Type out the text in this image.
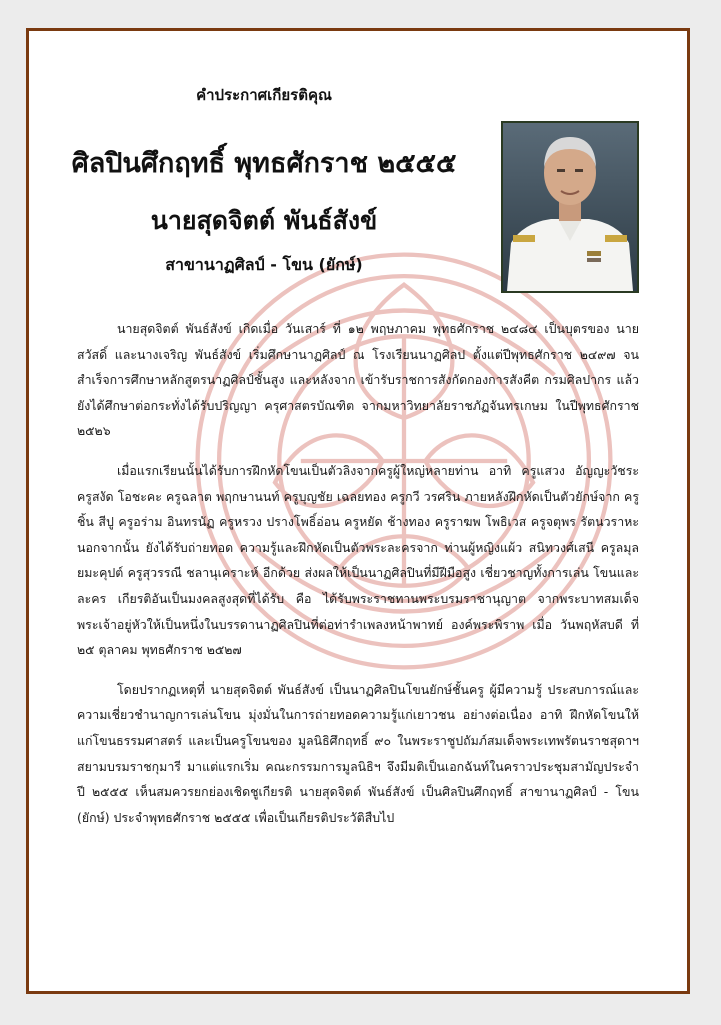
คำประกาศเกียรติคุณ
ศิลปินศึกฤทธิ์ พุทธศักราช ๒๕๕๕
นายสุดจิตต์ พันธ์สังข์
สาขานาฏศิลป์ - โขน (ยักษ์)

นายสุดจิตต์ พันธ์สังข์ เกิดเมื่อ วันเสาร์ ที่ ๑๒ พฤษภาคม พุทธศักราช ๒๔๘๔ เป็นบุตรของ นายสวัสดิ์ และนางเจริญ พันธ์สังข์ เริ่มศึกษานาฏศิลป์ ณ โรงเรียนนาฏศิลป ตั้งแต่ปีพุทธศักราช ๒๔๙๗ จนสำเร็จการศึกษาหลักสูตรนาฏศิลป์ชั้นสูง และหลังจาก เข้ารับราชการสังกัดกองการสังคีต กรมศิลปากร แล้ว ยังได้ศึกษาต่อกระทั่งได้รับปริญญา ครุศาสตรบัณฑิต จากมหาวิทยาลัยราชภัฏจันทรเกษม ในปีพุทธศักราช ๒๕๒๖

เมื่อแรกเรียนนั้นได้รับการฝึกหัดโขนเป็นตัวลิงจากครูผู้ใหญ่หลายท่าน อาทิ ครูแสวง อัญญะวัชระ ครูสงัด โอชะคะ ครูฉลาต พฤกษานนท์ ครูบุญชัย เฉลยทอง ครูกวี วรศริน ภายหลังฝึกหัดเป็นตัวยักษ์จาก ครูชิ้น สีปู ครูอร่าม อินทรนัฏ ครูหรวง ปรางโพธิ์อ่อน ครูหยัด ช้างทอง ครูราฆพ โพธิเวส ครูจตุพร รัตนวราหะ นอกจากนั้น ยังได้รับถ่ายทอด ความรู้และฝึกหัดเป็นตัวพระละครจาก ท่านผู้หญิงแผ้ว สนิทวงศ์เสนี ครูลมุล ยมะคุปต์ ครูสุวรรณี ชลานุเคราะห์ อีกด้วย ส่งผลให้เป็นนาฏศิลปินที่มีฝีมือสูง เชี่ยวชาญทั้งการเล่น โขนและละคร เกียรติอันเป็นมงคลสูงสุดที่ได้รับ คือ ได้รับพระราชทานพระบรมราชานุญาต จากพระบาทสมเด็จพระเจ้าอยู่หัวให้เป็นหนึ่งในบรรดานาฏศิลปินที่ต่อท่ารำเพลงหน้าพาทย์ องค์พระพิราพ เมื่อ วันพฤหัสบดี ที่ ๒๕ ตุลาคม พุทธศักราช ๒๕๒๗

โดยปรากฏเหตุที่ นายสุดจิตต์ พันธ์สังข์ เป็นนาฏศิลปินโขนยักษ์ชั้นครู ผู้มีความรู้ ประสบการณ์และความเชี่ยวชำนาญการเล่นโขน มุ่งมั่นในการถ่ายทอดความรู้แก่เยาวชน อย่างต่อเนื่อง อาทิ ฝึกหัดโขนให้แก่โขนธรรมศาสตร์ และเป็นครูโขนของ มูลนิธิศึกฤทธิ์ ๙๐ ในพระราชูปถัมภ์สมเด็จพระเทพรัตนราชสุดาฯ สยามบรมราชกุมารี มาแต่แรกเริ่ม คณะกรรมการมูลนิธิฯ จึงมีมติเป็นเอกฉันท์ในคราวประชุมสามัญประจำปี ๒๕๕๕ เห็นสมควรยกย่องเชิดชูเกียรติ นายสุดจิตต์ พันธ์สังข์ เป็นศิลปินศึกฤทธิ์ สาขานาฏศิลป์ - โขน (ยักษ์) ประจำพุทธศักราช ๒๕๕๕ เพื่อเป็นเกียรติประวัติสืบไป
